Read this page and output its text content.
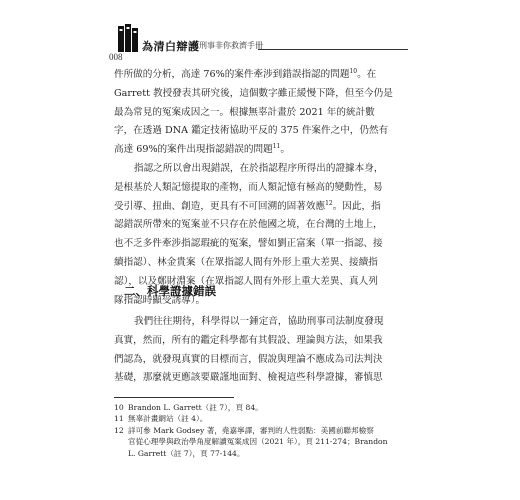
008
為清白辯護 刑事非你救濟手冊
件所做的分析，高達 76%的案件牽涉到錯誤指認的問題$^{10}$。在
Garrett 教授發表其研究後，這個數字雖正緩慢下降，但至今仍是
最為常見的冤案成因之一。根據無辜計畫於 2021 年的統計數
字，在透過 DNA 鑑定技術協助平反的 375 件案件之中，仍然有
高達 69%的案件出現指認錯誤的問題$^{11}$。
指認之所以會出現錯誤，在於指認程序所得出的證據本身，
是根基於人類記憶提取的產物，而人類記憶有極高的變動性，易
受引導、扭曲、創造，更具有不可回溯的固著效應$^{12}$。因此，指
認錯誤所帶來的冤案並不只存在於他國之境，在台灣的土地上，
也不乏多件牽涉指認瑕疵的冤案，譬如劉正富案（單一指認、接
續指認）、林金貴案（在眾指認人間有外形上重大差異、接續指
認），以及鄭財淵案（在眾指認人間有外形上重大差異、真人列
隊指認時顯受誘導）。
二、科學證據錯誤
我們往往期待，科學得以一錘定音，協助刑事司法制度發現
真實，然而，所有的鑑定科學都有其假設、理論與方法，如果我
們認為，就發現真實的目標而言，假說與理論不應成為司法判決
基礎，那麼就更應該要嚴謹地面對、檢視這些科學證據，審慎思
10 Brandon L. Garrett（註 7），頁 84。
11 無辜計畫網站（註 4）。
12 詳可參 Mark Godsey 著，堯嘉寧譯，審判的人性弱點：美國前聯邦檢察
官從心理學與政治學角度解讀冤案成因（2021 年），頁 211-274；Brandon
L. Garrett（註 7），頁 77-144。
